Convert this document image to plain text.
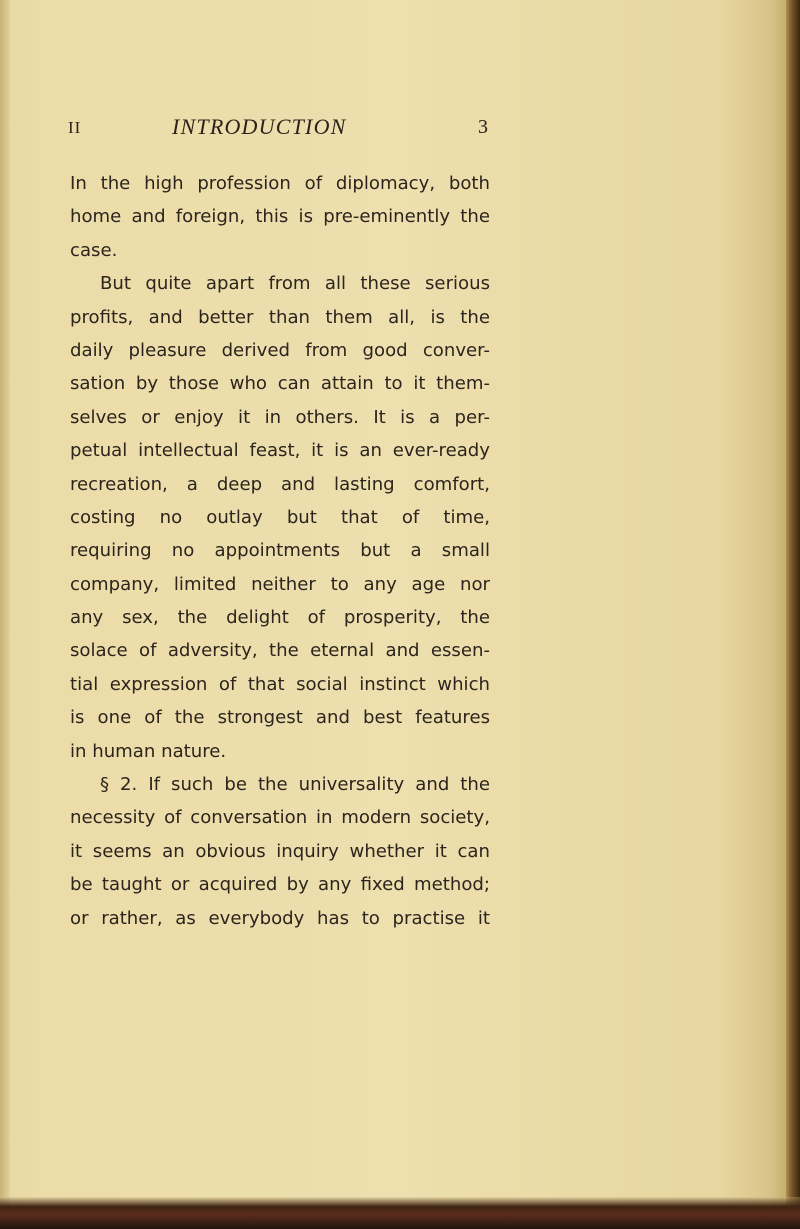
II	INTRODUCTION	3
In the high profession of diplomacy, both
home and foreign, this is pre-eminently the
case.
But quite apart from all these serious
profits, and better than them all, is the
daily pleasure derived from good conver-
sation by those who can attain to it them-
selves or enjoy it in others. It is a per-
petual intellectual feast, it is an ever-ready
recreation, a deep and lasting comfort,
costing no outlay but that of time,
requiring no appointments but a small
company, limited neither to any age nor
any sex, the delight of prosperity, the
solace of adversity, the eternal and essen-
tial expression of that social instinct which
is one of the strongest and best features
in human nature.
§ 2. If such be the universality and the
necessity of conversation in modern society,
it seems an obvious inquiry whether it can
be taught or acquired by any fixed method;
or rather, as everybody has to practise it
